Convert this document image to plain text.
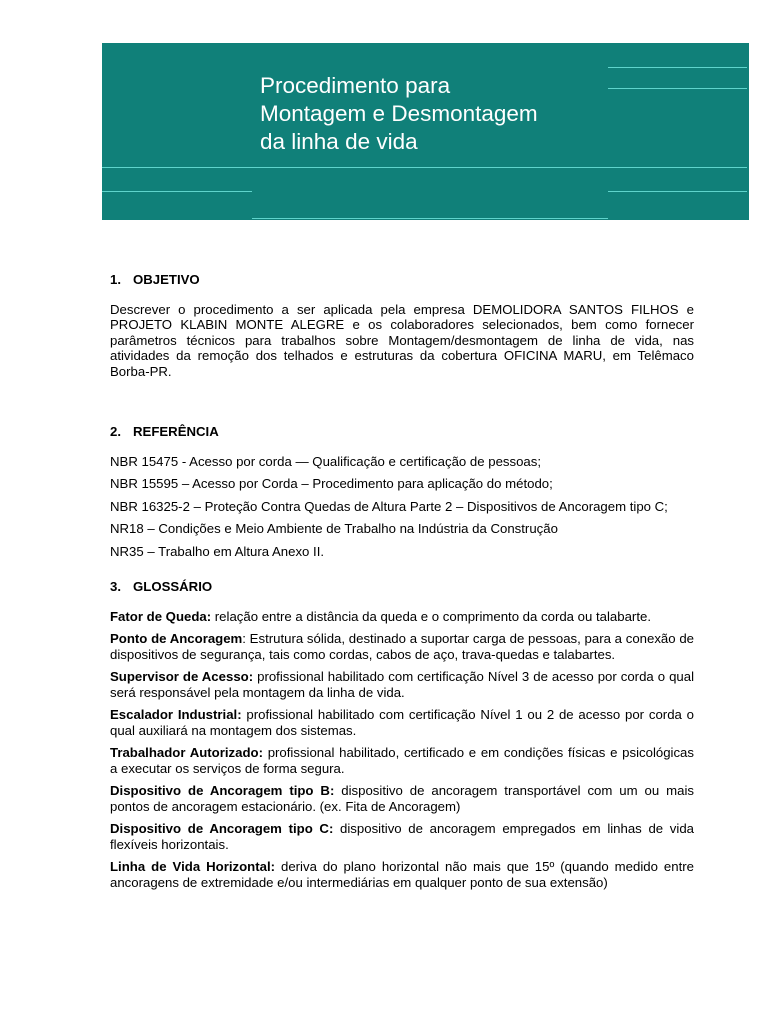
Procedimento para
Montagem e Desmontagem
da linha de vida
1. OBJETIVO
Descrever o procedimento a ser aplicada pela empresa DEMOLIDORA SANTOS FILHOS e PROJETO KLABIN MONTE ALEGRE e os colaboradores selecionados, bem como fornecer parâmetros técnicos para trabalhos sobre Montagem/desmontagem de linha de vida, nas atividades da remoção dos telhados e estruturas da cobertura OFICINA MARU, em Telêmaco Borba-PR.
2. REFERÊNCIA

NBR 15475 - Acesso por corda — Qualificação e certificação de pessoas;

NBR 15595 – Acesso por Corda – Procedimento para aplicação do método;

NBR 16325-2 – Proteção Contra Quedas de Altura Parte 2 – Dispositivos de Ancoragem tipo C;

NR18 – Condições e Meio Ambiente de Trabalho na Indústria da Construção

NR35 – Trabalho em Altura Anexo II.

3. GLOSSÁRIO

Fator de Queda: relação entre a distância da queda e o comprimento da corda ou talabarte.

Ponto de Ancoragem: Estrutura sólida, destinado a suportar carga de pessoas, para a conexão de dispositivos de segurança, tais como cordas, cabos de aço, trava-quedas e talabartes.

Supervisor de Acesso: profissional habilitado com certificação Nível 3 de acesso por corda o qual será responsável pela montagem da linha de vida.

Escalador Industrial: profissional habilitado com certificação Nível 1 ou 2 de acesso por corda o qual auxiliará na montagem dos sistemas.

Trabalhador Autorizado: profissional habilitado, certificado e em condições físicas e psicológicas a executar os serviços de forma segura.

Dispositivo de Ancoragem tipo B: dispositivo de ancoragem transportável com um ou mais pontos de ancoragem estacionário. (ex. Fita de Ancoragem)

Dispositivo de Ancoragem tipo C: dispositivo de ancoragem empregados em linhas de vida flexíveis horizontais.

Linha de Vida Horizontal: deriva do plano horizontal não mais que 15º (quando medido entre ancoragens de extremidade e/ou intermediárias em qualquer ponto de sua extensão)
